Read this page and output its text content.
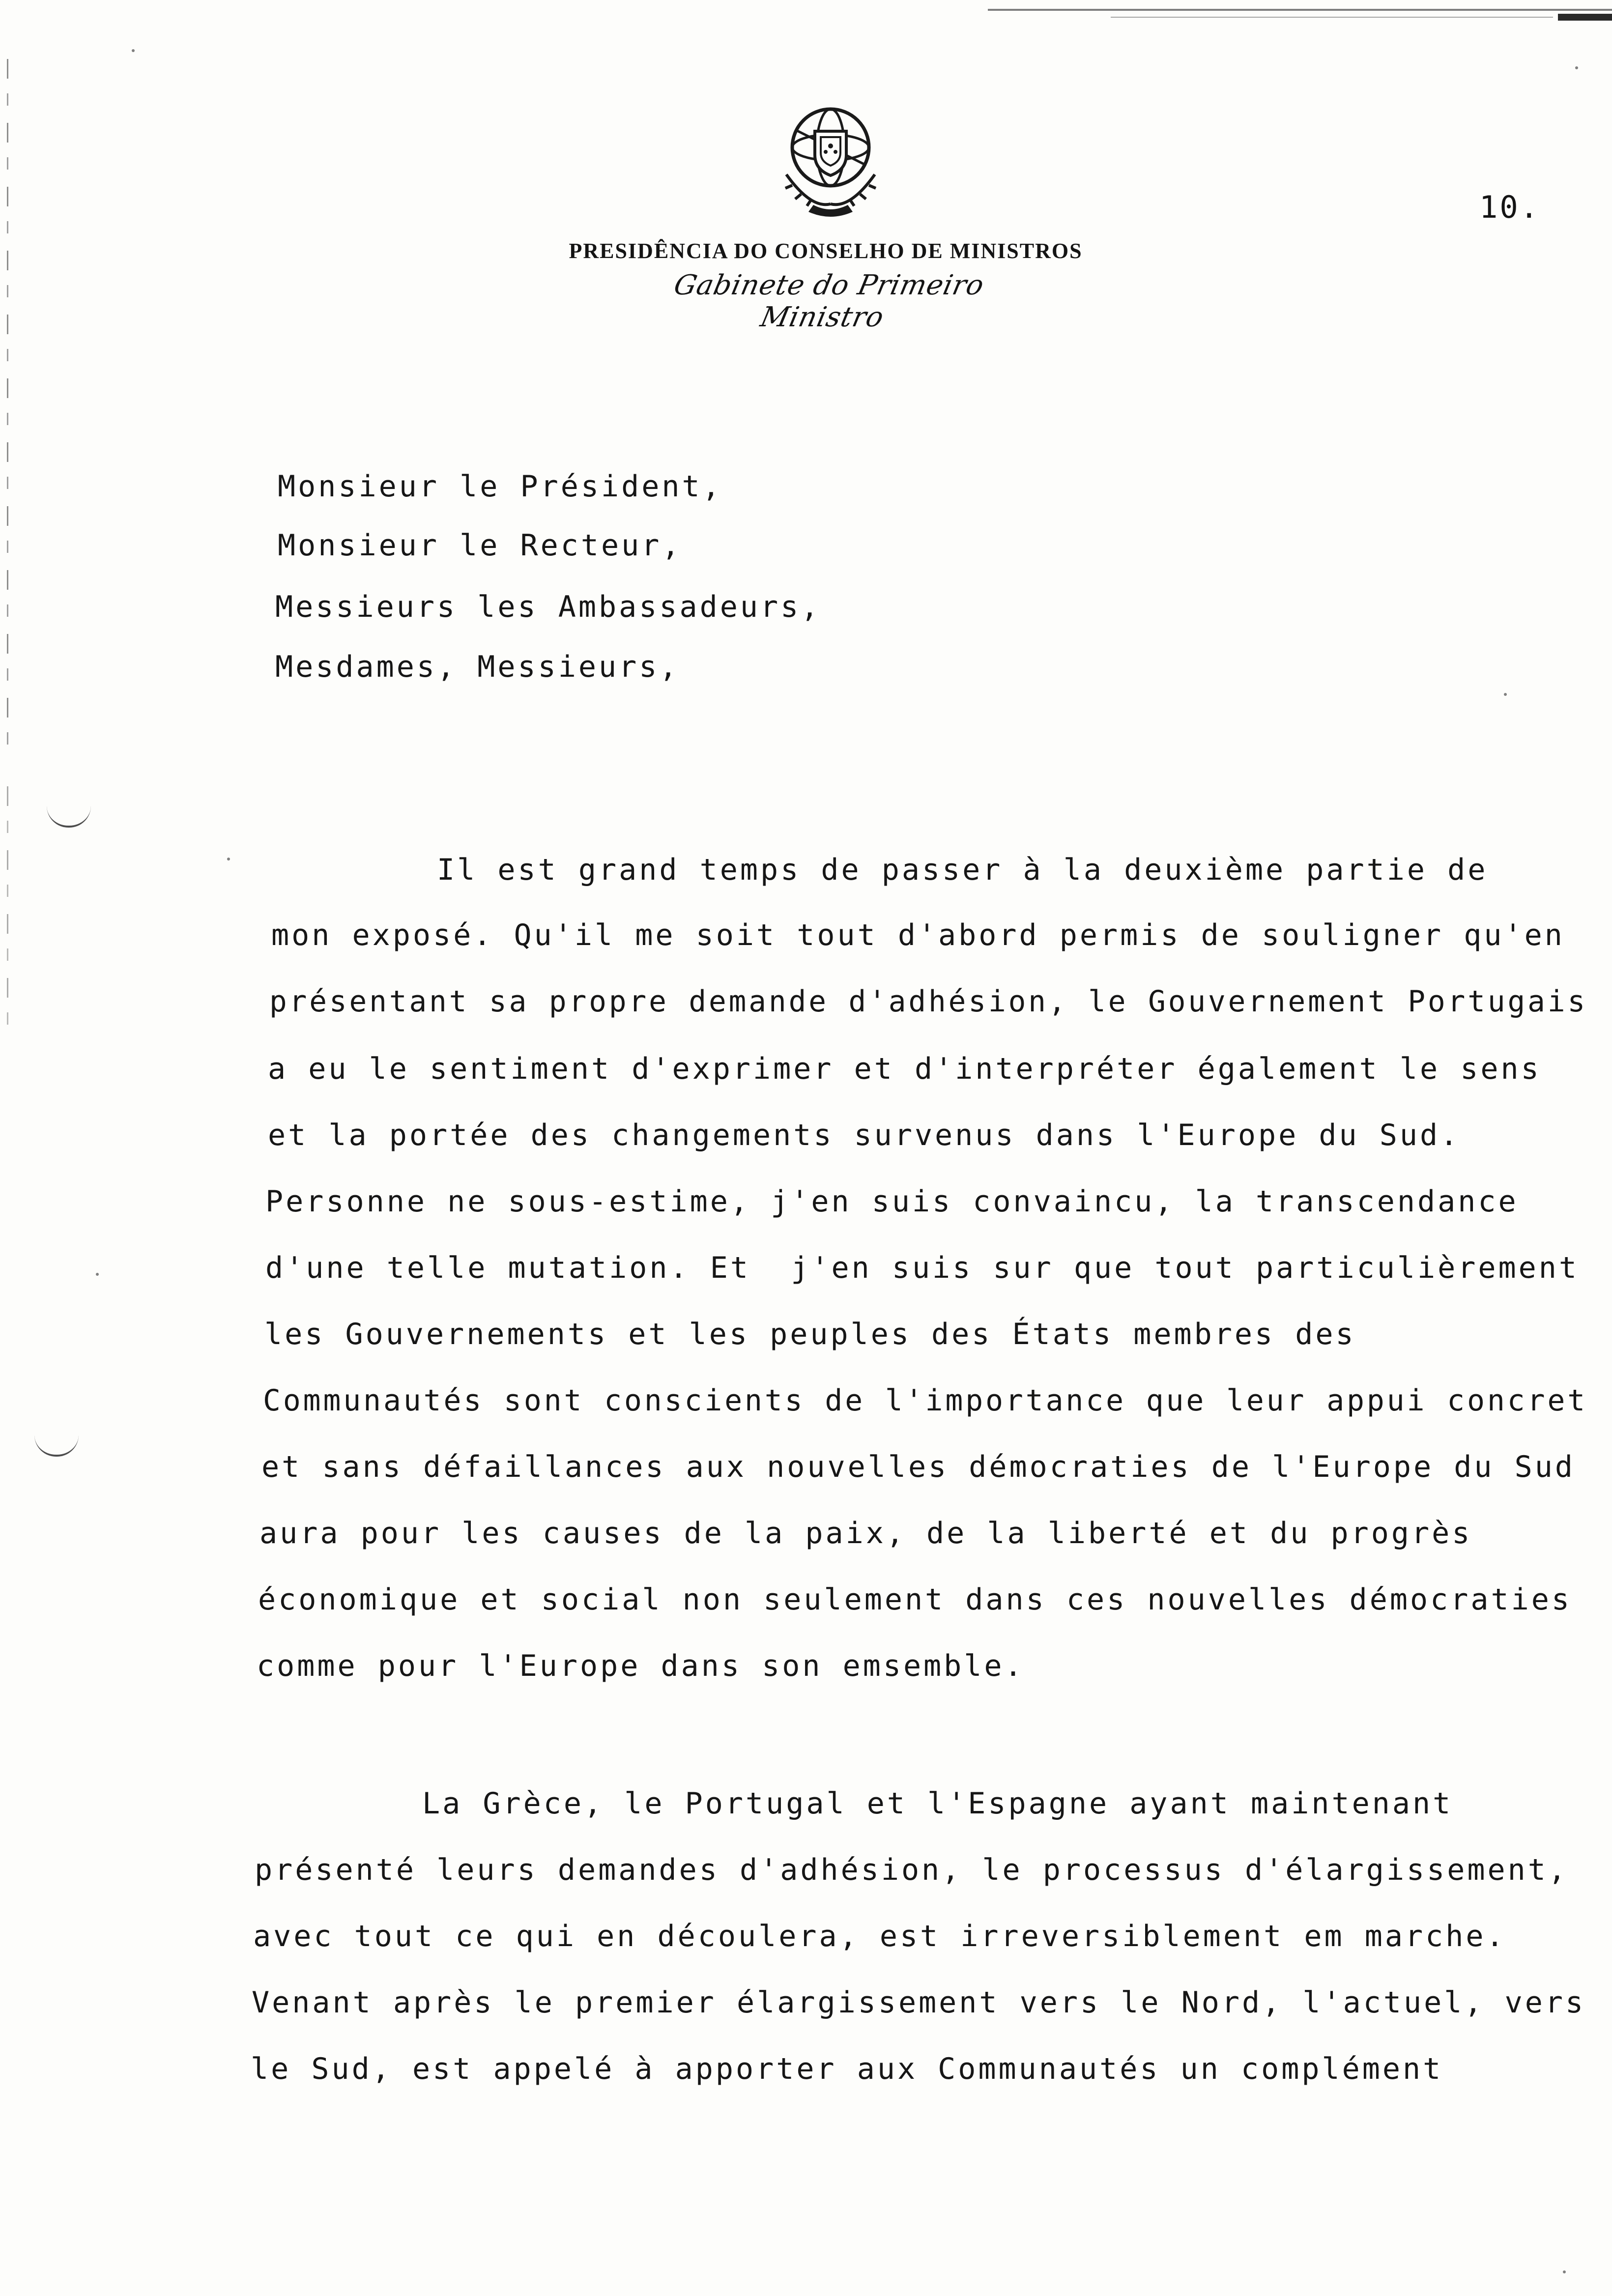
10.
PRESIDÊNCIA DO CONSELHO DE MINISTROS
Gabinete do Primeiro Ministro
Monsieur le Président,
Monsieur le Recteur,
Messieurs les Ambassadeurs,
Mesdames, Messieurs,
Il est grand temps de passer à la deuxième partie de
mon exposé. Qu'il me soit tout d'abord permis de souligner qu'en
présentant sa propre demande d'adhésion, le Gouvernement Portugais
a eu le sentiment d'exprimer et d'interpréter également le sens
et la portée des changements survenus dans l'Europe du Sud.
Personne ne sous-estime, j'en suis convaincu, la transcendance
d'une telle mutation. Et  j'en suis sur que tout particulièrement
les Gouvernements et les peuples des États membres des
Communautés sont conscients de l'importance que leur appui concret
et sans défaillances aux nouvelles démocraties de l'Europe du Sud
aura pour les causes de la paix, de la liberté et du progrès
économique et social non seulement dans ces nouvelles démocraties
comme pour l'Europe dans son emsemble.
La Grèce, le Portugal et l'Espagne ayant maintenant
présenté leurs demandes d'adhésion, le processus d'élargissement,
avec tout ce qui en découlera, est irreversiblement em marche.
Venant après le premier élargissement vers le Nord, l'actuel, vers
le Sud, est appelé à apporter aux Communautés un complément
